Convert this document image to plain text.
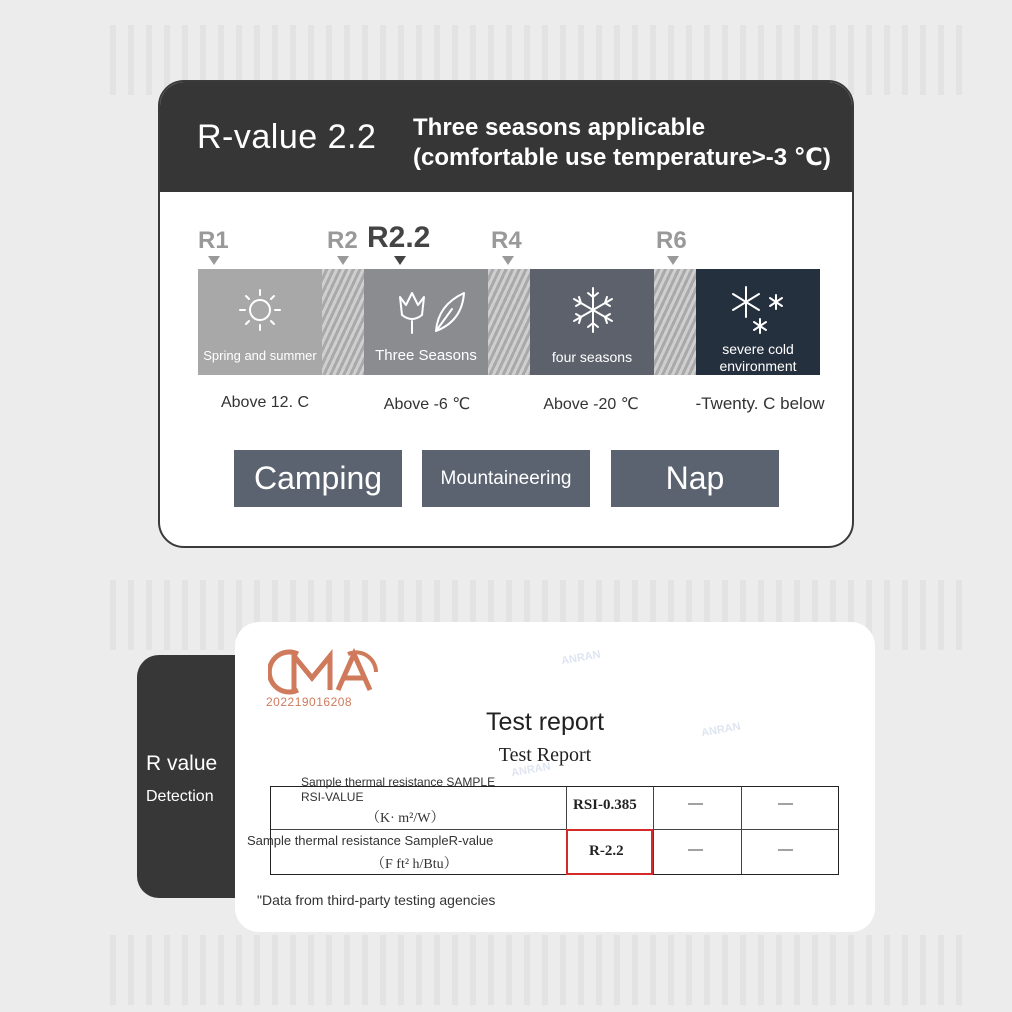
R-value 2.2 Three seasons applicable
(comfortable use temperature>-3 ℃)
R1	R2 R2.2	R4	R6
Spring and summer	Three Seasons	four seasons	severe cold
environment
Above 12. C	Above -6 ℃	Above -20 ℃	-Twenty. C below
Camping	Mountaineering	Nap
R value
Detection
202219016208
ANRAN
ANRAN
ANRAN
Test report
Test Report
Sample thermal resistance SAMPLE
RSI-VALUE
（K· m²/W）
RSI-0.385	—	—
Sample thermal resistance SampleR-value
（F ft² h/Btu）
R-2.2	—	—
"Data from third-party testing agencies
